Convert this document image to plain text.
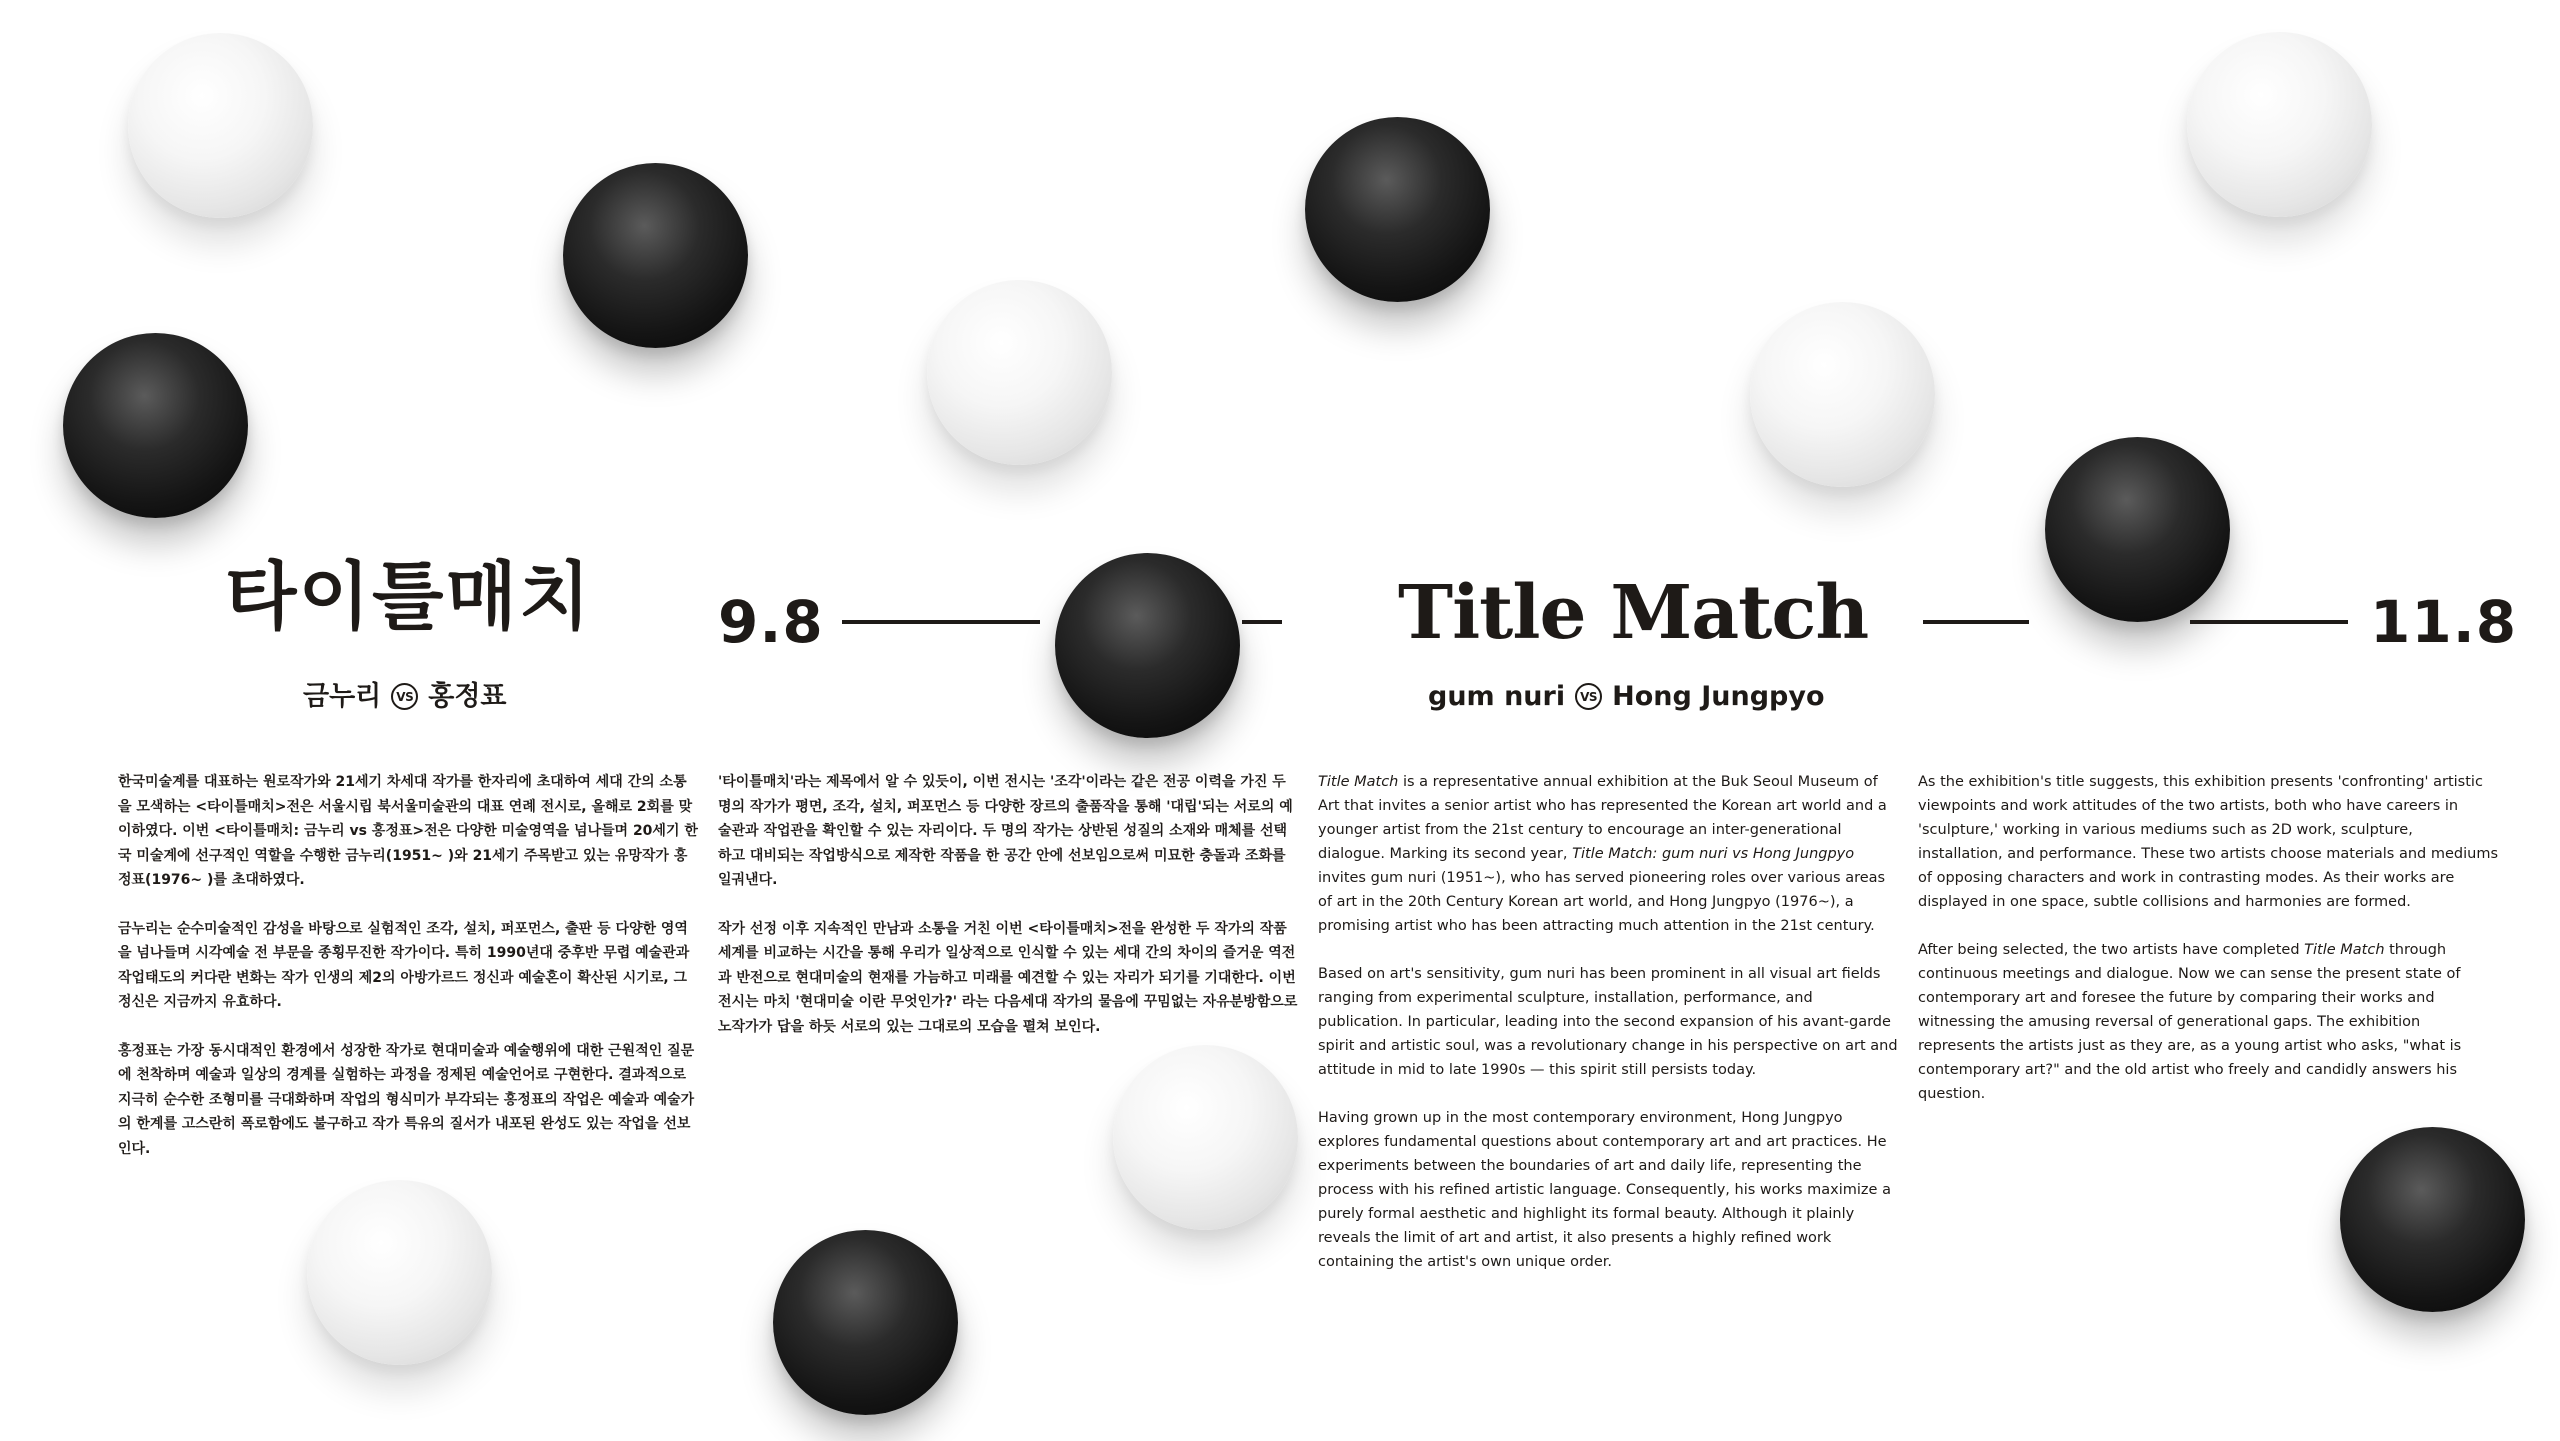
타이틀매치
금누리	VS 홍정표
9.8	Title Match
gum nuri	VS Hong Jungpyo
11.8

한국미술계를 대표하는 원로작가와 21세기 차세대 작가를 한자리에 초대하여 세대 간의 소통을 모색하는 <타이틀매치>전은 서울시립 북서울미술관의 대표 연례 전시로, 올해로 2회를 맞이하였다. 이번 <타이틀매치: 금누리 vs 홍정표>전은 다양한 미술영역을 넘나들며 20세기 한국 미술계에 선구적인 역할을 수행한 금누리(1951~ )와 21세기 주목받고 있는 유망작가 홍정표(1976~ )를 초대하였다.

금누리는 순수미술적인 감성을 바탕으로 실험적인 조각, 설치, 퍼포먼스, 출판 등 다양한 영역을 넘나들며 시각예술 전 부문을 종횡무진한 작가이다. 특히 1990년대 중후반 무렵 예술관과 작업태도의 커다란 변화는 작가 인생의 제2의 아방가르드 정신과 예술혼이 확산된 시기로, 그 정신은 지금까지 유효하다.

홍정표는 가장 동시대적인 환경에서 성장한 작가로 현대미술과 예술행위에 대한 근원적인 질문에 천착하며 예술과 일상의 경계를 실험하는 과정을 정제된 예술언어로 구현한다. 결과적으로 지극히 순수한 조형미를 극대화하며 작업의 형식미가 부각되는 홍정표의 작업은 예술과 예술가의 한계를 고스란히 폭로함에도 불구하고 작가 특유의 질서가 내포된 완성도 있는 작업을 선보인다.

'타이틀매치'라는 제목에서 알 수 있듯이, 이번 전시는 '조각'이라는 같은 전공 이력을 가진 두 명의 작가가 평면, 조각, 설치, 퍼포먼스 등 다양한 장르의 출품작을 통해 '대립'되는 서로의 예술관과 작업관을 확인할 수 있는 자리이다. 두 명의 작가는 상반된 성질의 소재와 매체를 선택하고 대비되는 작업방식으로 제작한 작품을 한 공간 안에 선보임으로써 미묘한 충돌과 조화를 일궈낸다.

작가 선정 이후 지속적인 만남과 소통을 거친 이번 <타이틀매치>전을 완성한 두 작가의 작품 세계를 비교하는 시간을 통해 우리가 일상적으로 인식할 수 있는 세대 간의 차이의 즐거운 역전과 반전으로 현대미술의 현재를 가늠하고 미래를 예견할 수 있는 자리가 되기를 기대한다. 이번 전시는 마치 '현대미술 이란 무엇인가?' 라는 다음세대 작가의 물음에 꾸밈없는 자유분방함으로 노작가가 답을 하듯 서로의 있는 그대로의 모습을 펼쳐 보인다.

Title Match is a representative annual exhibition at the Buk Seoul Museum of Art that invites a senior artist who has represented the Korean art world and a younger artist from the 21st century to encourage an inter-generational dialogue. Marking its second year, Title Match: gum nuri vs Hong Jungpyo invites gum nuri (1951~), who has served pioneering roles over various areas of art in the 20th Century Korean art world, and Hong Jungpyo (1976~), a promising artist who has been attracting much attention in the 21st century.

Based on art's sensitivity, gum nuri has been prominent in all visual art fields ranging from experimental sculpture, installation, performance, and publication. In particular, leading into the second expansion of his avant-garde spirit and artistic soul, was a revolutionary change in his perspective on art and attitude in mid to late 1990s — this spirit still persists today.

Having grown up in the most contemporary environment, Hong Jungpyo explores fundamental questions about contemporary art and art practices. He experiments between the boundaries of art and daily life, representing the process with his refined artistic language. Consequently, his works maximize a purely formal aesthetic and highlight its formal beauty. Although it plainly reveals the limit of art and artist, it also presents a highly refined work containing the artist's own unique order.

As the exhibition's title suggests, this exhibition presents 'confronting' artistic viewpoints and work attitudes of the two artists, both who have careers in 'sculpture,' working in various mediums such as 2D work, sculpture, installation, and performance. These two artists choose materials and mediums of opposing characters and work in contrasting modes. As their works are displayed in one space, subtle collisions and harmonies are formed.

After being selected, the two artists have completed Title Match through continuous meetings and dialogue. Now we can sense the present state of contemporary art and foresee the future by comparing their works and witnessing the amusing reversal of generational gaps. The exhibition represents the artists just as they are, as a young artist who asks, "what is contemporary art?" and the old artist who freely and candidly answers his question.
